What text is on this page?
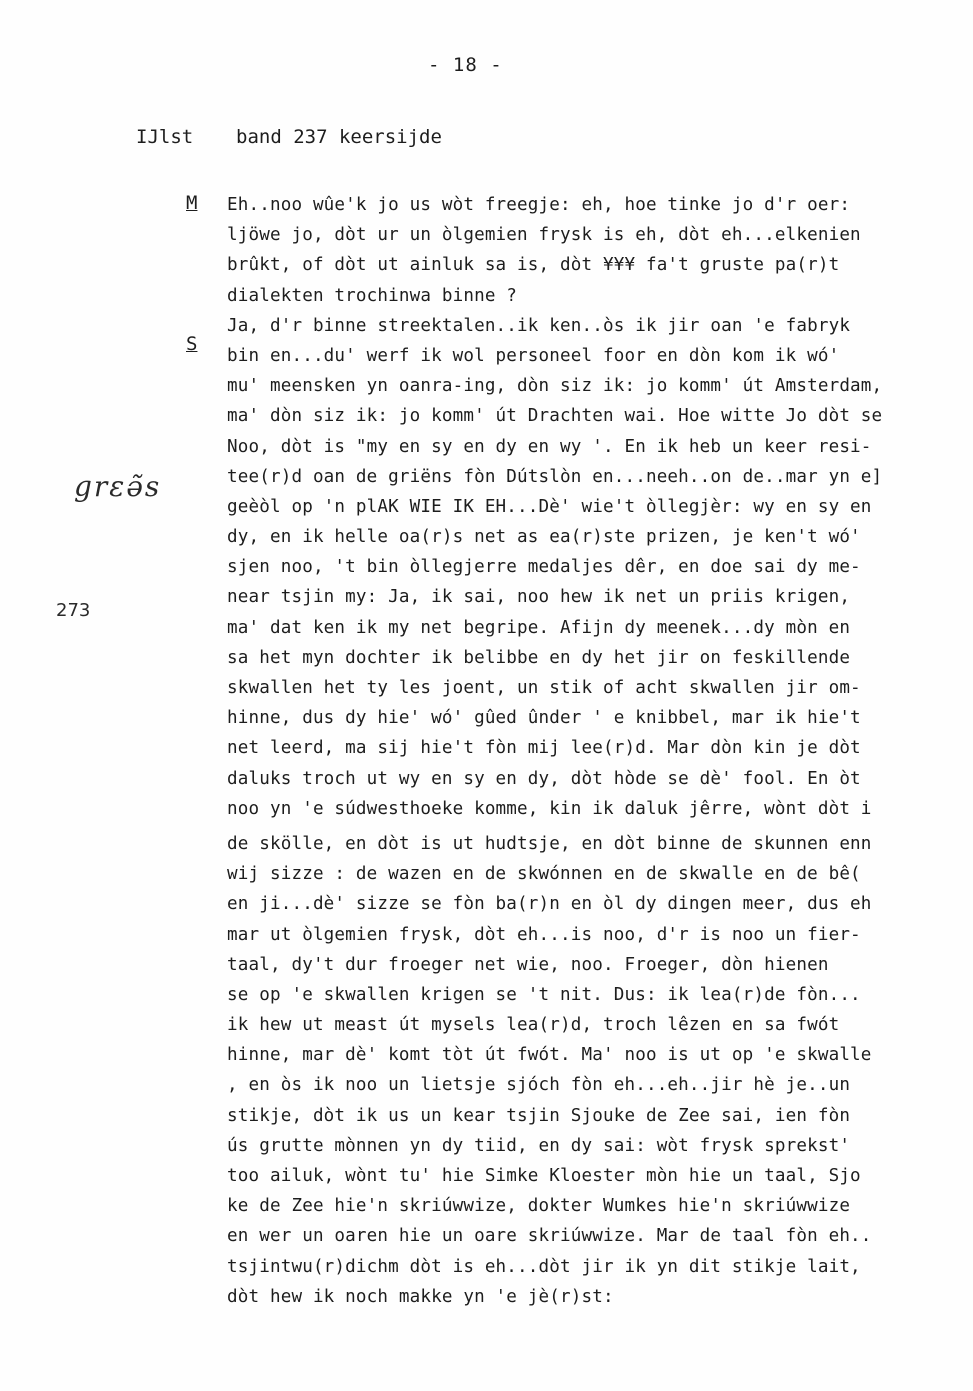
- 18 -
IJlst band 237 keersijde
M
S
grεə̃s
273
Eh..noo wûe'k jo us wòt freegje: eh, hoe tinke jo d'r oer:
ljöwe jo, dòt ur un òlgemien frysk is eh, dòt eh...elkenien
brûkt, of dòt ut ainluk sa is, dòt ¥¥¥ fa't gruste pa(r)t
dialekten trochinwa binne ?
Ja, d'r binne streektalen..ik ken..òs ik jir oan 'e fabryk
bin en...du' werf ik wol personeel foor en dòn kom ik wó'
mu' meensken yn oanra-ing, dòn siz ik: jo komm' út Amsterdam,
ma' dòn siz ik: jo komm' út Drachten wai. Hoe witte Jo dòt se
Noo, dòt is "my en sy en dy en wy '. En ik heb un keer resi-
tee(r)d oan de griëns fòn Dútslòn en...neeh..on de..mar yn e]
geèòl op 'n plAK WIE IK EH...Dè' wie't òllegjèr: wy en sy en
dy, en ik helle oa(r)s net as ea(r)ste prizen, je ken't wó'
sjen noo, 't bin òllegjerre medaljes dêr, en doe sai dy me-
near tsjin my: Ja, ik sai, noo hew ik net un priis krigen,
ma' dat ken ik my net begripe. Afijn dy meenek...dy mòn en
sa het myn dochter ik belibbe en dy het jir on feskillende
skwallen het ty les joent, un stik of acht skwallen jir om-
hinne, dus dy hie' wó' gûed ûnder ' e knibbel, mar ik hie't
net leerd, ma sij hie't fòn mij lee(r)d. Mar dòn kin je dòt
daluks troch ut wy en sy en dy, dòt hòde se dè' fool. En òt
noo yn 'e súdwesthoeke komme, kin ik daluk jêrre, wònt dòt i
de skölle, en dòt is ut hudtsje, en dòt binne de skunnen enn
wij sizze : de wazen en de skwónnen en de skwalle en de bê(
en ji...dè' sizze se fòn ba(r)n en òl dy dingen meer, dus eh
mar ut òlgemien frysk, dòt eh...is noo, d'r is noo un fier-
taal, dy't dur froeger net wie, noo. Froeger, dòn hienen
se op 'e skwallen krigen se 't nit. Dus: ik lea(r)de fòn...
ik hew ut meast út mysels lea(r)d, troch lêzen en sa fwót
hinne, mar dè' komt tòt út fwót. Ma' noo is ut op 'e skwalle
, en òs ik noo un lietsje sjóch fòn eh...eh..jir hè je..un
stikje, dòt ik us un kear tsjin Sjouke de Zee sai, ien fòn
ús grutte mònnen yn dy tiid, en dy sai: wòt frysk sprekst'
too ailuk, wònt tu' hie Simke Kloester mòn hie un taal, Sjo
ke de Zee hie'n skriúwwize, dokter Wumkes hie'n skriúwwize
en wer un oaren hie un oare skriúwwize. Mar de taal fòn eh..
tsjintwu(r)dichm dòt is eh...dòt jir ik yn dit stikje lait,
dòt hew ik noch makke yn 'e jè(r)st:
